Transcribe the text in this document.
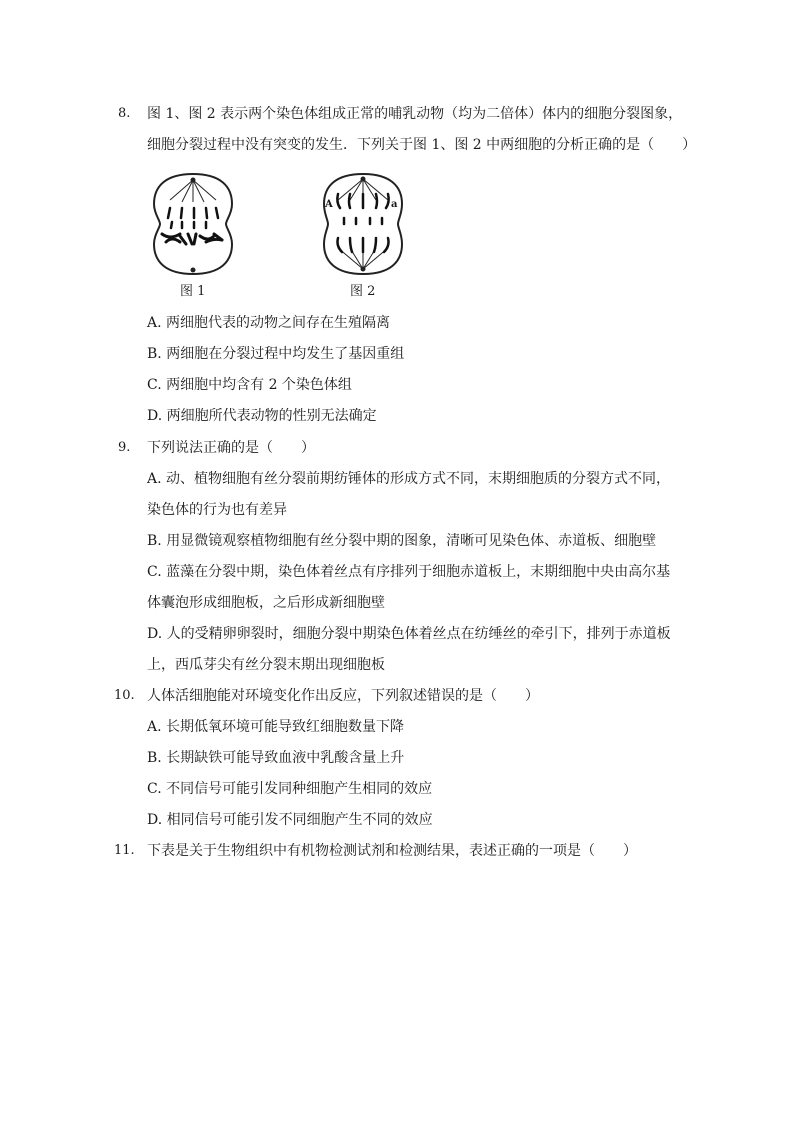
8. 图 1、图 2 表示两个染色体组成正常的哺乳动物（均为二倍体）体内的细胞分裂图象，
细胞分裂过程中没有突变的发生．下列关于图 1、图 2 中两细胞的分析正确的是（　　）
图 1
A	a
图 2
A. 两细胞代表的动物之间存在生殖隔离
B. 两细胞在分裂过程中均发生了基因重组
C. 两细胞中均含有 2 个染色体组
D. 两细胞所代表动物的性别无法确定
9. 下列说法正确的是（　　）
A. 动、植物细胞有丝分裂前期纺锤体的形成方式不同，末期细胞质的分裂方式不同，
染色体的行为也有差异
B. 用显微镜观察植物细胞有丝分裂中期的图象，清晰可见染色体、赤道板、细胞壁
C. 蓝藻在分裂中期，染色体着丝点有序排列于细胞赤道板上，末期细胞中央由高尔基
体囊泡形成细胞板，之后形成新细胞壁
D. 人的受精卵卵裂时，细胞分裂中期染色体着丝点在纺缍丝的牵引下，排列于赤道板
上，西瓜芽尖有丝分裂末期出现细胞板
10. 人体活细胞能对环境变化作出反应，下列叙述错误的是（　　）
A. 长期低氧环境可能导致红细胞数量下降
B. 长期缺铁可能导致血液中乳酸含量上升
C. 不同信号可能引发同种细胞产生相同的效应
D. 相同信号可能引发不同细胞产生不同的效应
11. 下表是关于生物组织中有机物检测试剂和检测结果，表述正确的一项是（　　）
